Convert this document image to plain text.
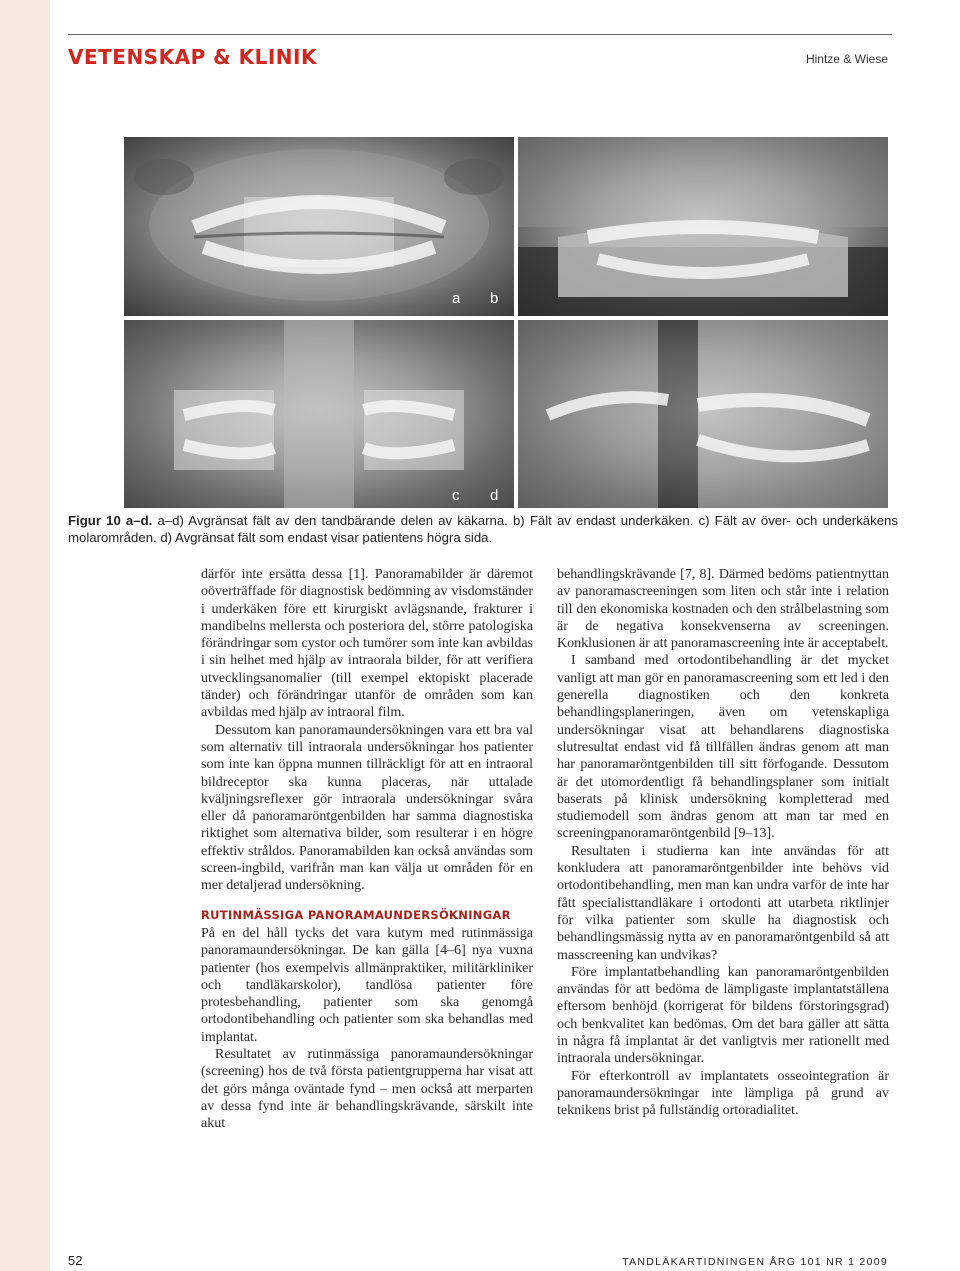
VETENSKAP & KLINIK	Hintze & Wiese
a b
c d

Figur 10 a–d. a–d) Avgränsat fält av den tandbärande delen av käkarna. b) Fält av endast underkäken. c) Fält av över- och underkäkens molarområden. d) Avgränsat fält som endast visar patientens högra sida.

därför inte ersätta dessa [1]. Panoramabilder är däremot oöverträffade för diagnostisk bedömning av visdomständer i underkäken före ett kirurgiskt avlägsnande, frakturer i mandibelns mellersta och posteriora del, större patologiska förändringar som cystor och tumörer som inte kan avbildas i sin helhet med hjälp av intraorala bilder, för att verifiera utvecklingsanomalier (till exempel ektopiskt placerade tänder) och förändringar utanför de områden som kan avbildas med hjälp av intraoral film.

Dessutom kan panoramaundersökningen vara ett bra val som alternativ till intraorala undersökningar hos patienter som inte kan öppna munnen tillräckligt för att en intraoral bildreceptor ska kunna placeras, när uttalade kväljningsreflexer gör intraorala undersökningar svåra eller då panoramaröntgenbilden har samma diagnostiska riktighet som alternativa bilder, som resulterar i en högre effektiv stråldos. Panoramabilden kan också användas som screen-ingbild, varifrån man kan välja ut områden för en mer detaljerad undersökning.

RUTINMÄSSIGA PANORAMAUNDERSÖKNINGAR

På en del håll tycks det vara kutym med rutinmässiga panoramaundersökningar. De kan gälla [4–6] nya vuxna patienter (hos exempelvis allmänpraktiker, militärkliniker och tandläkarskolor), tandlösa patienter före protesbehandling, patienter som ska genomgå ortodontibehandling och patienter som ska behandlas med implantat.

Resultatet av rutinmässiga panoramaundersökningar (screening) hos de två första patientgrupperna har visat att det görs många oväntade fynd – men också att merparten av dessa fynd inte är behandlingskrävande, särskilt inte akut

behandlingskrävande [7, 8]. Därmed bedöms patientnyttan av panoramascreeningen som liten och står inte i relation till den ekonomiska kostnaden och den strålbelastning som är de negativa konsekvenserna av screeningen. Konklusionen är att panoramascreening inte är acceptabelt.

I samband med ortodontibehandling är det mycket vanligt att man gör en panoramascreening som ett led i den generella diagnostiken och den konkreta behandlingsplaneringen, även om vetenskapliga undersökningar visat att behandlarens diagnostiska slutresultat endast vid få tillfällen ändras genom att man har panoramaröntgenbilden till sitt förfogande. Dessutom är det utomordentligt få behandlingsplaner som initialt baserats på klinisk undersökning kompletterad med studiemodell som ändras genom att man tar med en screeningpanoramaröntgenbild [9–13].

Resultaten i studierna kan inte användas för att konkludera att panoramaröntgenbilder inte behövs vid ortodontibehandling, men man kan undra varför de inte har fått specialisttandläkare i ortodonti att utarbeta riktlinjer för vilka patienter som skulle ha diagnostisk och behandlingsmässig nytta av en panoramaröntgenbild så att masscreening kan undvikas?

Före implantatbehandling kan panoramaröntgenbilden användas för att bedöma de lämpligaste implantatställena eftersom benhöjd (korrigerat för bildens förstoringsgrad) och benkvalitet kan bedömas. Om det bara gäller att sätta in några få implantat är det vanligtvis mer rationellt med intraorala undersökningar.

För efterkontroll av implantatets osseointegration är panoramaundersökningar inte lämpliga på grund av teknikens brist på fullständig ortoradialitet.

52	TANDLÄKARTIDNINGEN ÅRG 101 NR 1 2009
